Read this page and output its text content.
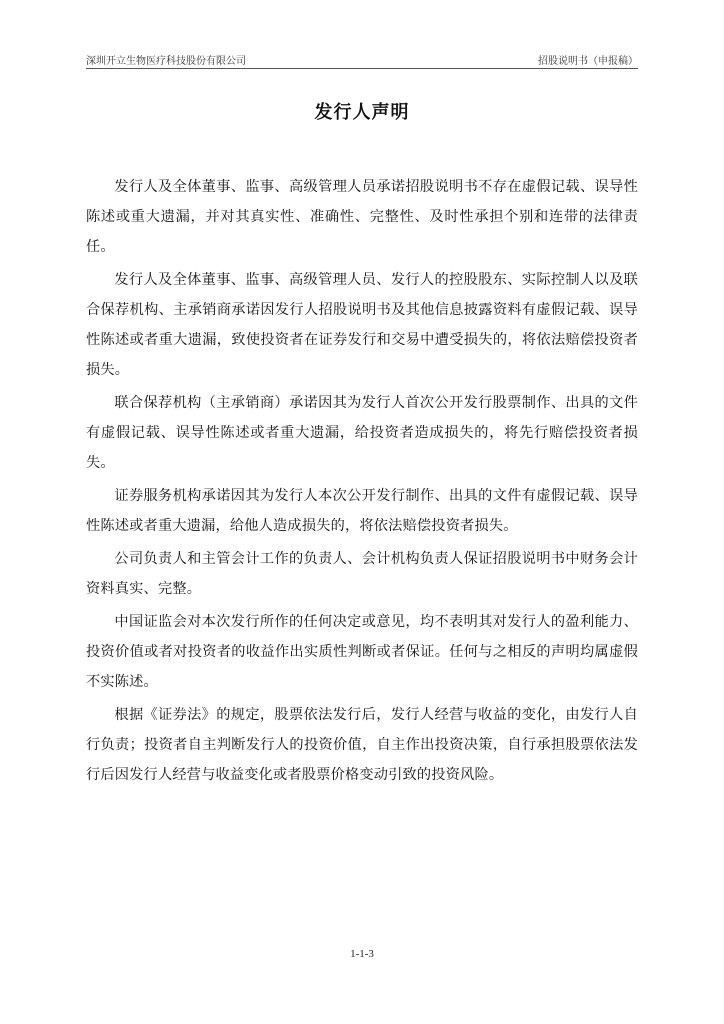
深圳开立生物医疗科技股份有限公司	招股说明书（申报稿）
发行人声明

发行人及全体董事、监事、高级管理人员承诺招股说明书不存在虚假记载、误导性陈述或重大遗漏，并对其真实性、准确性、完整性、及时性承担个别和连带的法律责任。

发行人及全体董事、监事、高级管理人员、发行人的控股股东、实际控制人以及联合保荐机构、主承销商承诺因发行人招股说明书及其他信息披露资料有虚假记载、误导性陈述或者重大遗漏，致使投资者在证券发行和交易中遭受损失的，将依法赔偿投资者损失。

联合保荐机构（主承销商）承诺因其为发行人首次公开发行股票制作、出具的文件有虚假记载、误导性陈述或者重大遗漏，给投资者造成损失的，将先行赔偿投资者损失。

证券服务机构承诺因其为发行人本次公开发行制作、出具的文件有虚假记载、误导性陈述或者重大遗漏，给他人造成损失的，将依法赔偿投资者损失。

公司负责人和主管会计工作的负责人、会计机构负责人保证招股说明书中财务会计资料真实、完整。

中国证监会对本次发行所作的任何决定或意见，均不表明其对发行人的盈利能力、投资价值或者对投资者的收益作出实质性判断或者保证。任何与之相反的声明均属虚假不实陈述。

根据《证券法》的规定，股票依法发行后，发行人经营与收益的变化，由发行人自行负责；投资者自主判断发行人的投资价值，自主作出投资决策，自行承担股票依法发行后因发行人经营与收益变化或者股票价格变动引致的投资风险。

1-1-3
